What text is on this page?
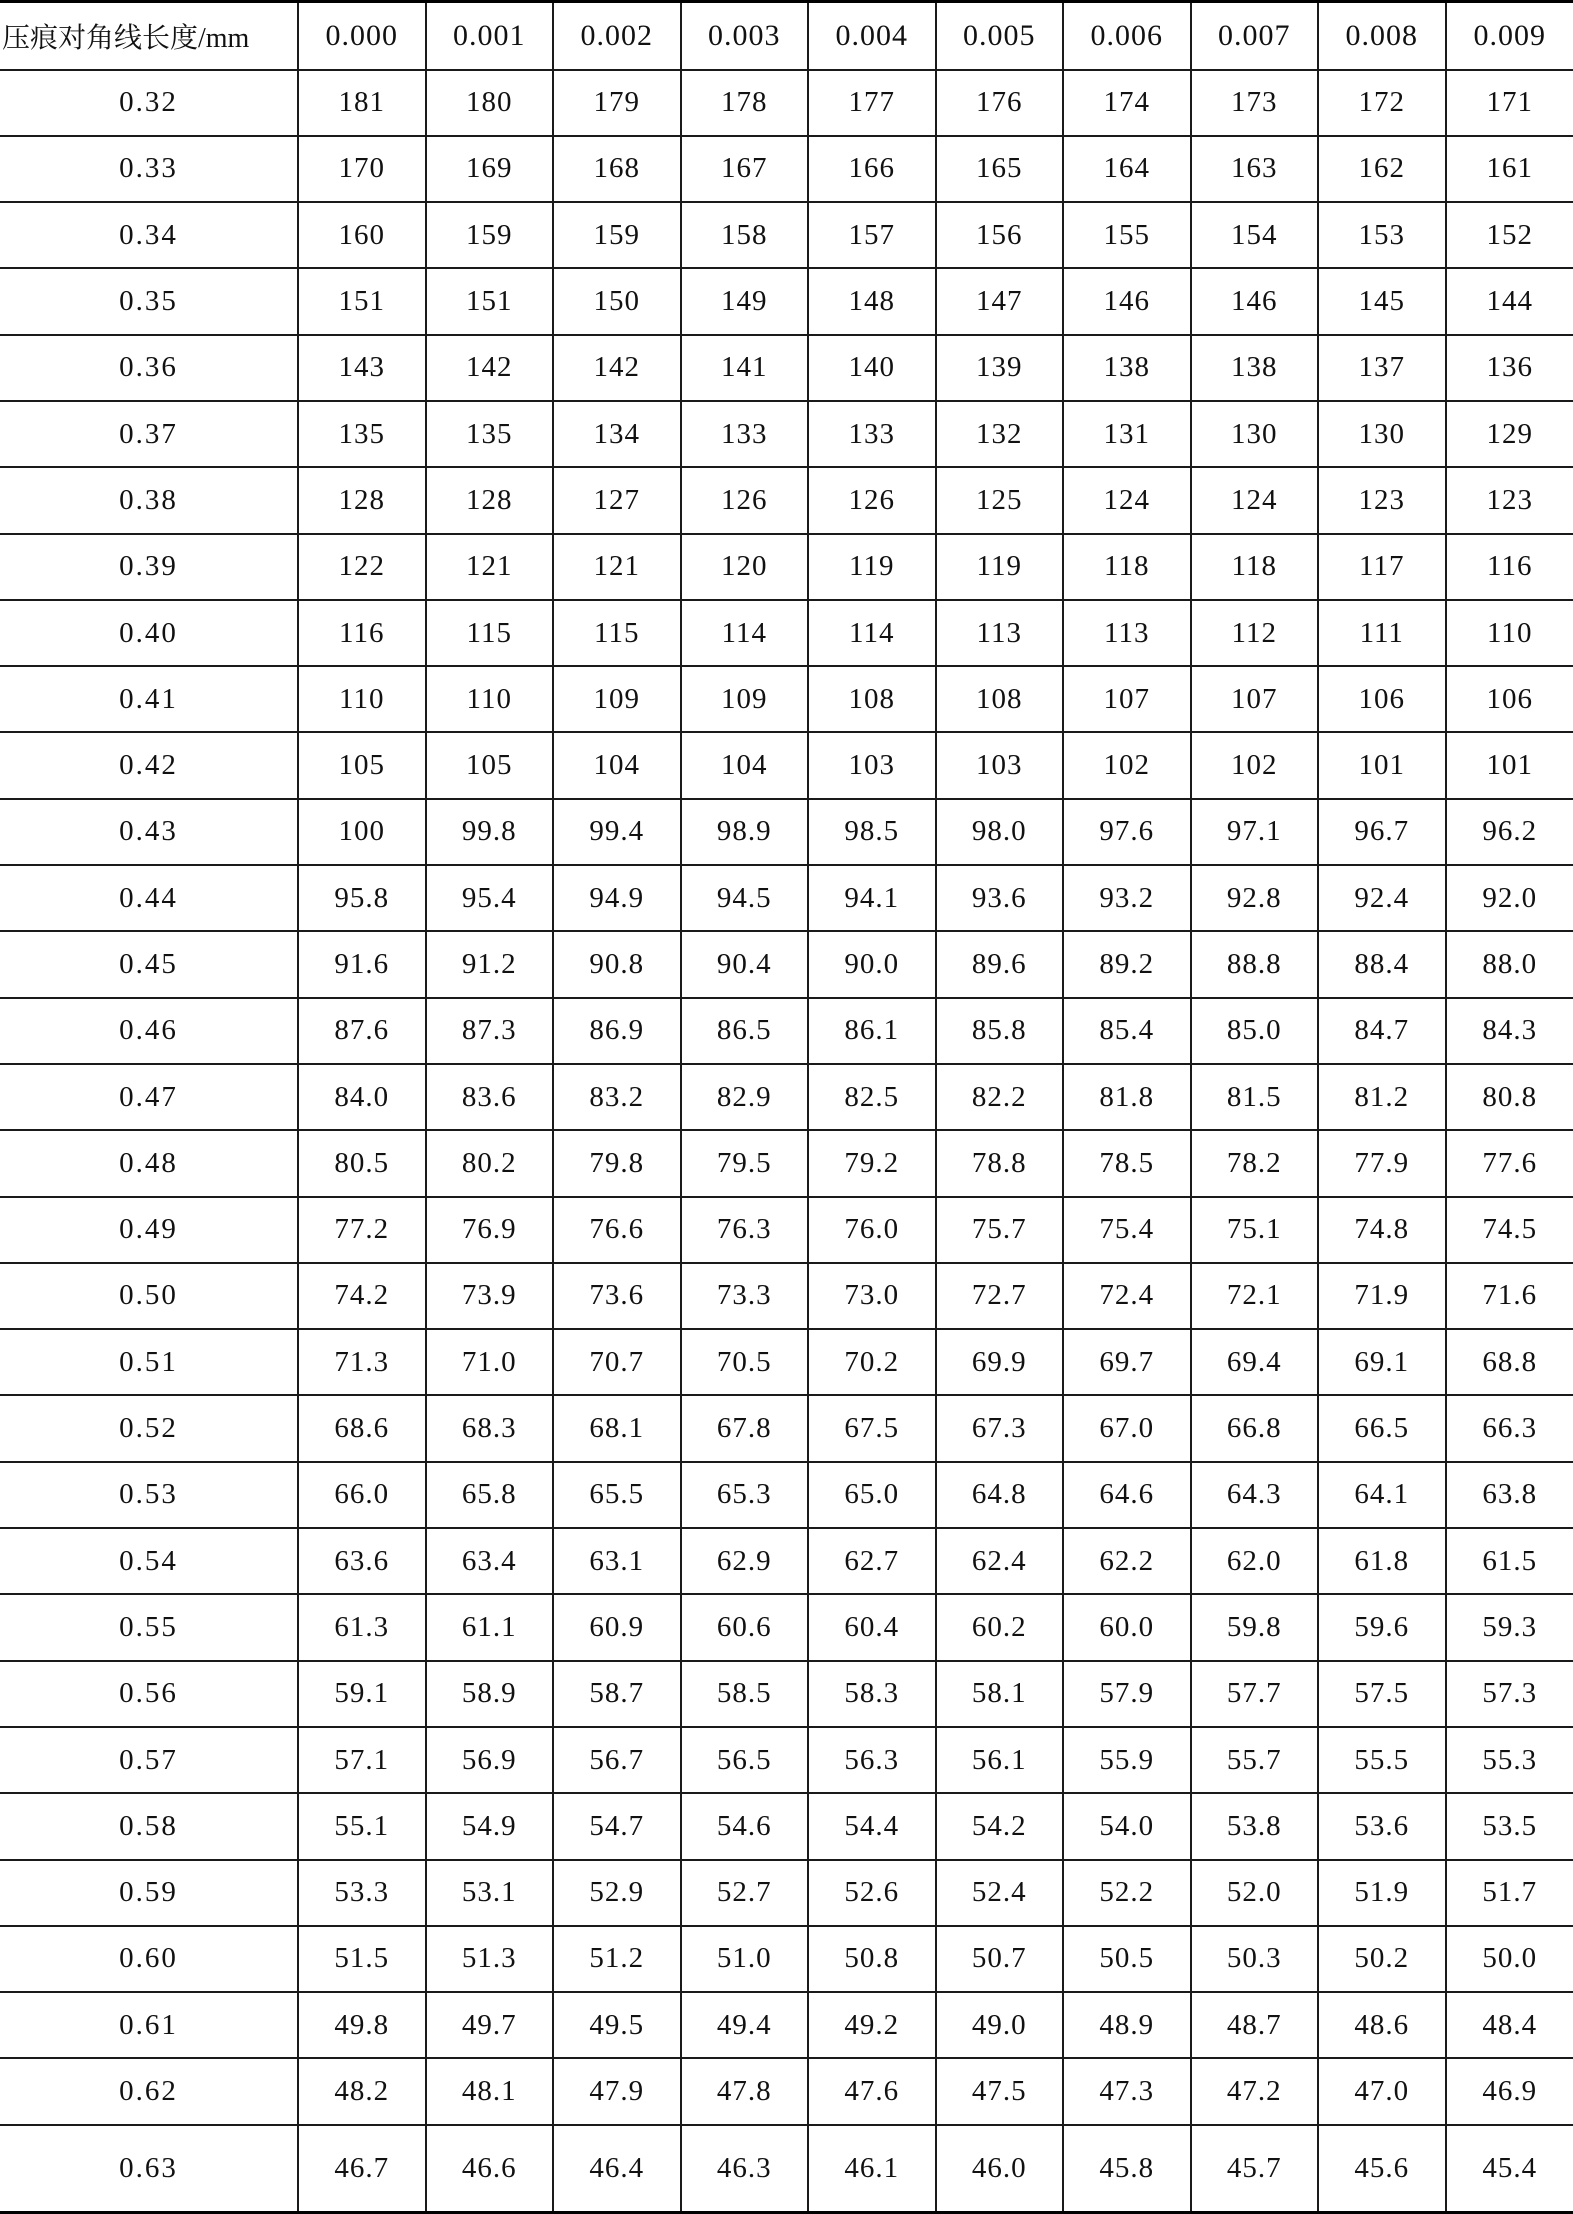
压痕对角线长度/mm	0.000	0.001	0.002	0.003	0.004	0.005	0.006	0.007	0.008	0.009
0.32	181	180	179	178	177	176	174	173	172	171
0.33	170	169	168	167	166	165	164	163	162	161
0.34	160	159	159	158	157	156	155	154	153	152
0.35	151	151	150	149	148	147	146	146	145	144
0.36	143	142	142	141	140	139	138	138	137	136
0.37	135	135	134	133	133	132	131	130	130	129
0.38	128	128	127	126	126	125	124	124	123	123
0.39	122	121	121	120	119	119	118	118	117	116
0.40	116	115	115	114	114	113	113	112	111	110
0.41	110	110	109	109	108	108	107	107	106	106
0.42	105	105	104	104	103	103	102	102	101	101
0.43	100	99.8	99.4	98.9	98.5	98.0	97.6	97.1	96.7	96.2
0.44	95.8	95.4	94.9	94.5	94.1	93.6	93.2	92.8	92.4	92.0
0.45	91.6	91.2	90.8	90.4	90.0	89.6	89.2	88.8	88.4	88.0
0.46	87.6	87.3	86.9	86.5	86.1	85.8	85.4	85.0	84.7	84.3
0.47	84.0	83.6	83.2	82.9	82.5	82.2	81.8	81.5	81.2	80.8
0.48	80.5	80.2	79.8	79.5	79.2	78.8	78.5	78.2	77.9	77.6
0.49	77.2	76.9	76.6	76.3	76.0	75.7	75.4	75.1	74.8	74.5
0.50	74.2	73.9	73.6	73.3	73.0	72.7	72.4	72.1	71.9	71.6
0.51	71.3	71.0	70.7	70.5	70.2	69.9	69.7	69.4	69.1	68.8
0.52	68.6	68.3	68.1	67.8	67.5	67.3	67.0	66.8	66.5	66.3
0.53	66.0	65.8	65.5	65.3	65.0	64.8	64.6	64.3	64.1	63.8
0.54	63.6	63.4	63.1	62.9	62.7	62.4	62.2	62.0	61.8	61.5
0.55	61.3	61.1	60.9	60.6	60.4	60.2	60.0	59.8	59.6	59.3
0.56	59.1	58.9	58.7	58.5	58.3	58.1	57.9	57.7	57.5	57.3
0.57	57.1	56.9	56.7	56.5	56.3	56.1	55.9	55.7	55.5	55.3
0.58	55.1	54.9	54.7	54.6	54.4	54.2	54.0	53.8	53.6	53.5
0.59	53.3	53.1	52.9	52.7	52.6	52.4	52.2	52.0	51.9	51.7
0.60	51.5	51.3	51.2	51.0	50.8	50.7	50.5	50.3	50.2	50.0
0.61	49.8	49.7	49.5	49.4	49.2	49.0	48.9	48.7	48.6	48.4
0.62	48.2	48.1	47.9	47.8	47.6	47.5	47.3	47.2	47.0	46.9
0.63	46.7	46.6	46.4	46.3	46.1	46.0	45.8	45.7	45.6	45.4
